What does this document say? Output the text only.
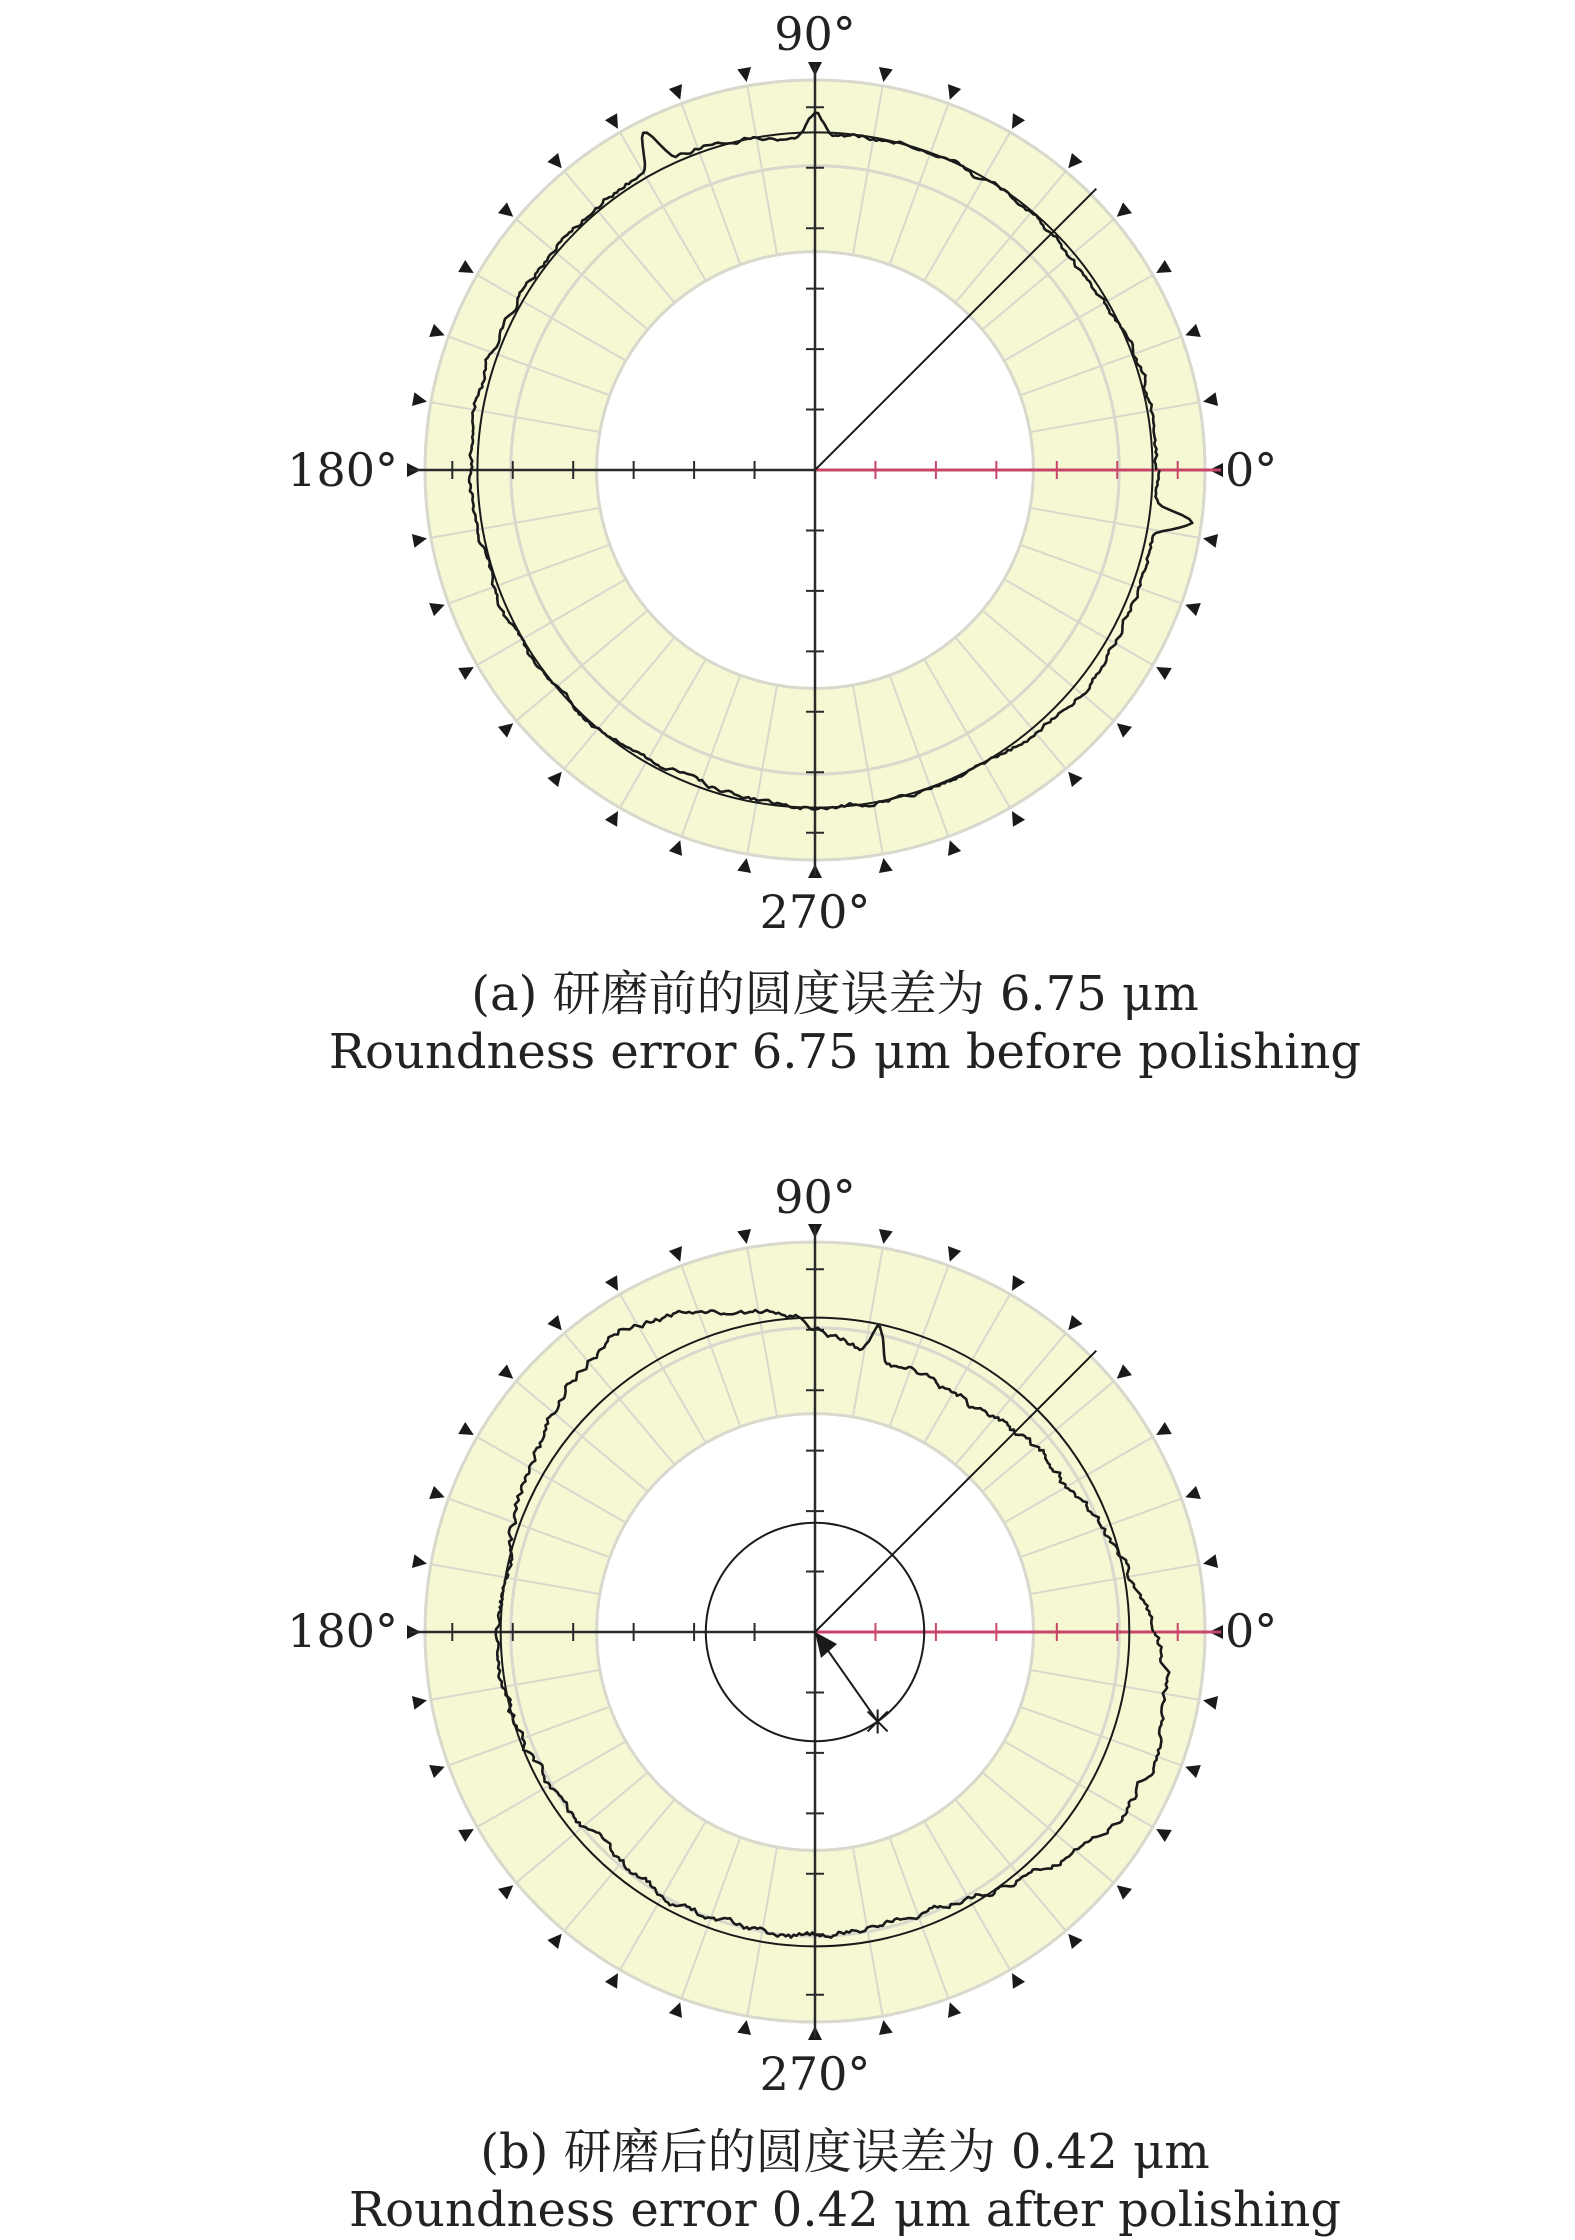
90°
180°	0°
270°
(a) 研磨前的圆度误差为 6.75 μm
Roundness error 6.75 μm before polishing
90°
180°	0°
270°
(b) 研磨后的圆度误差为 0.42 μm
Roundness error 0.42 μm after polishing
